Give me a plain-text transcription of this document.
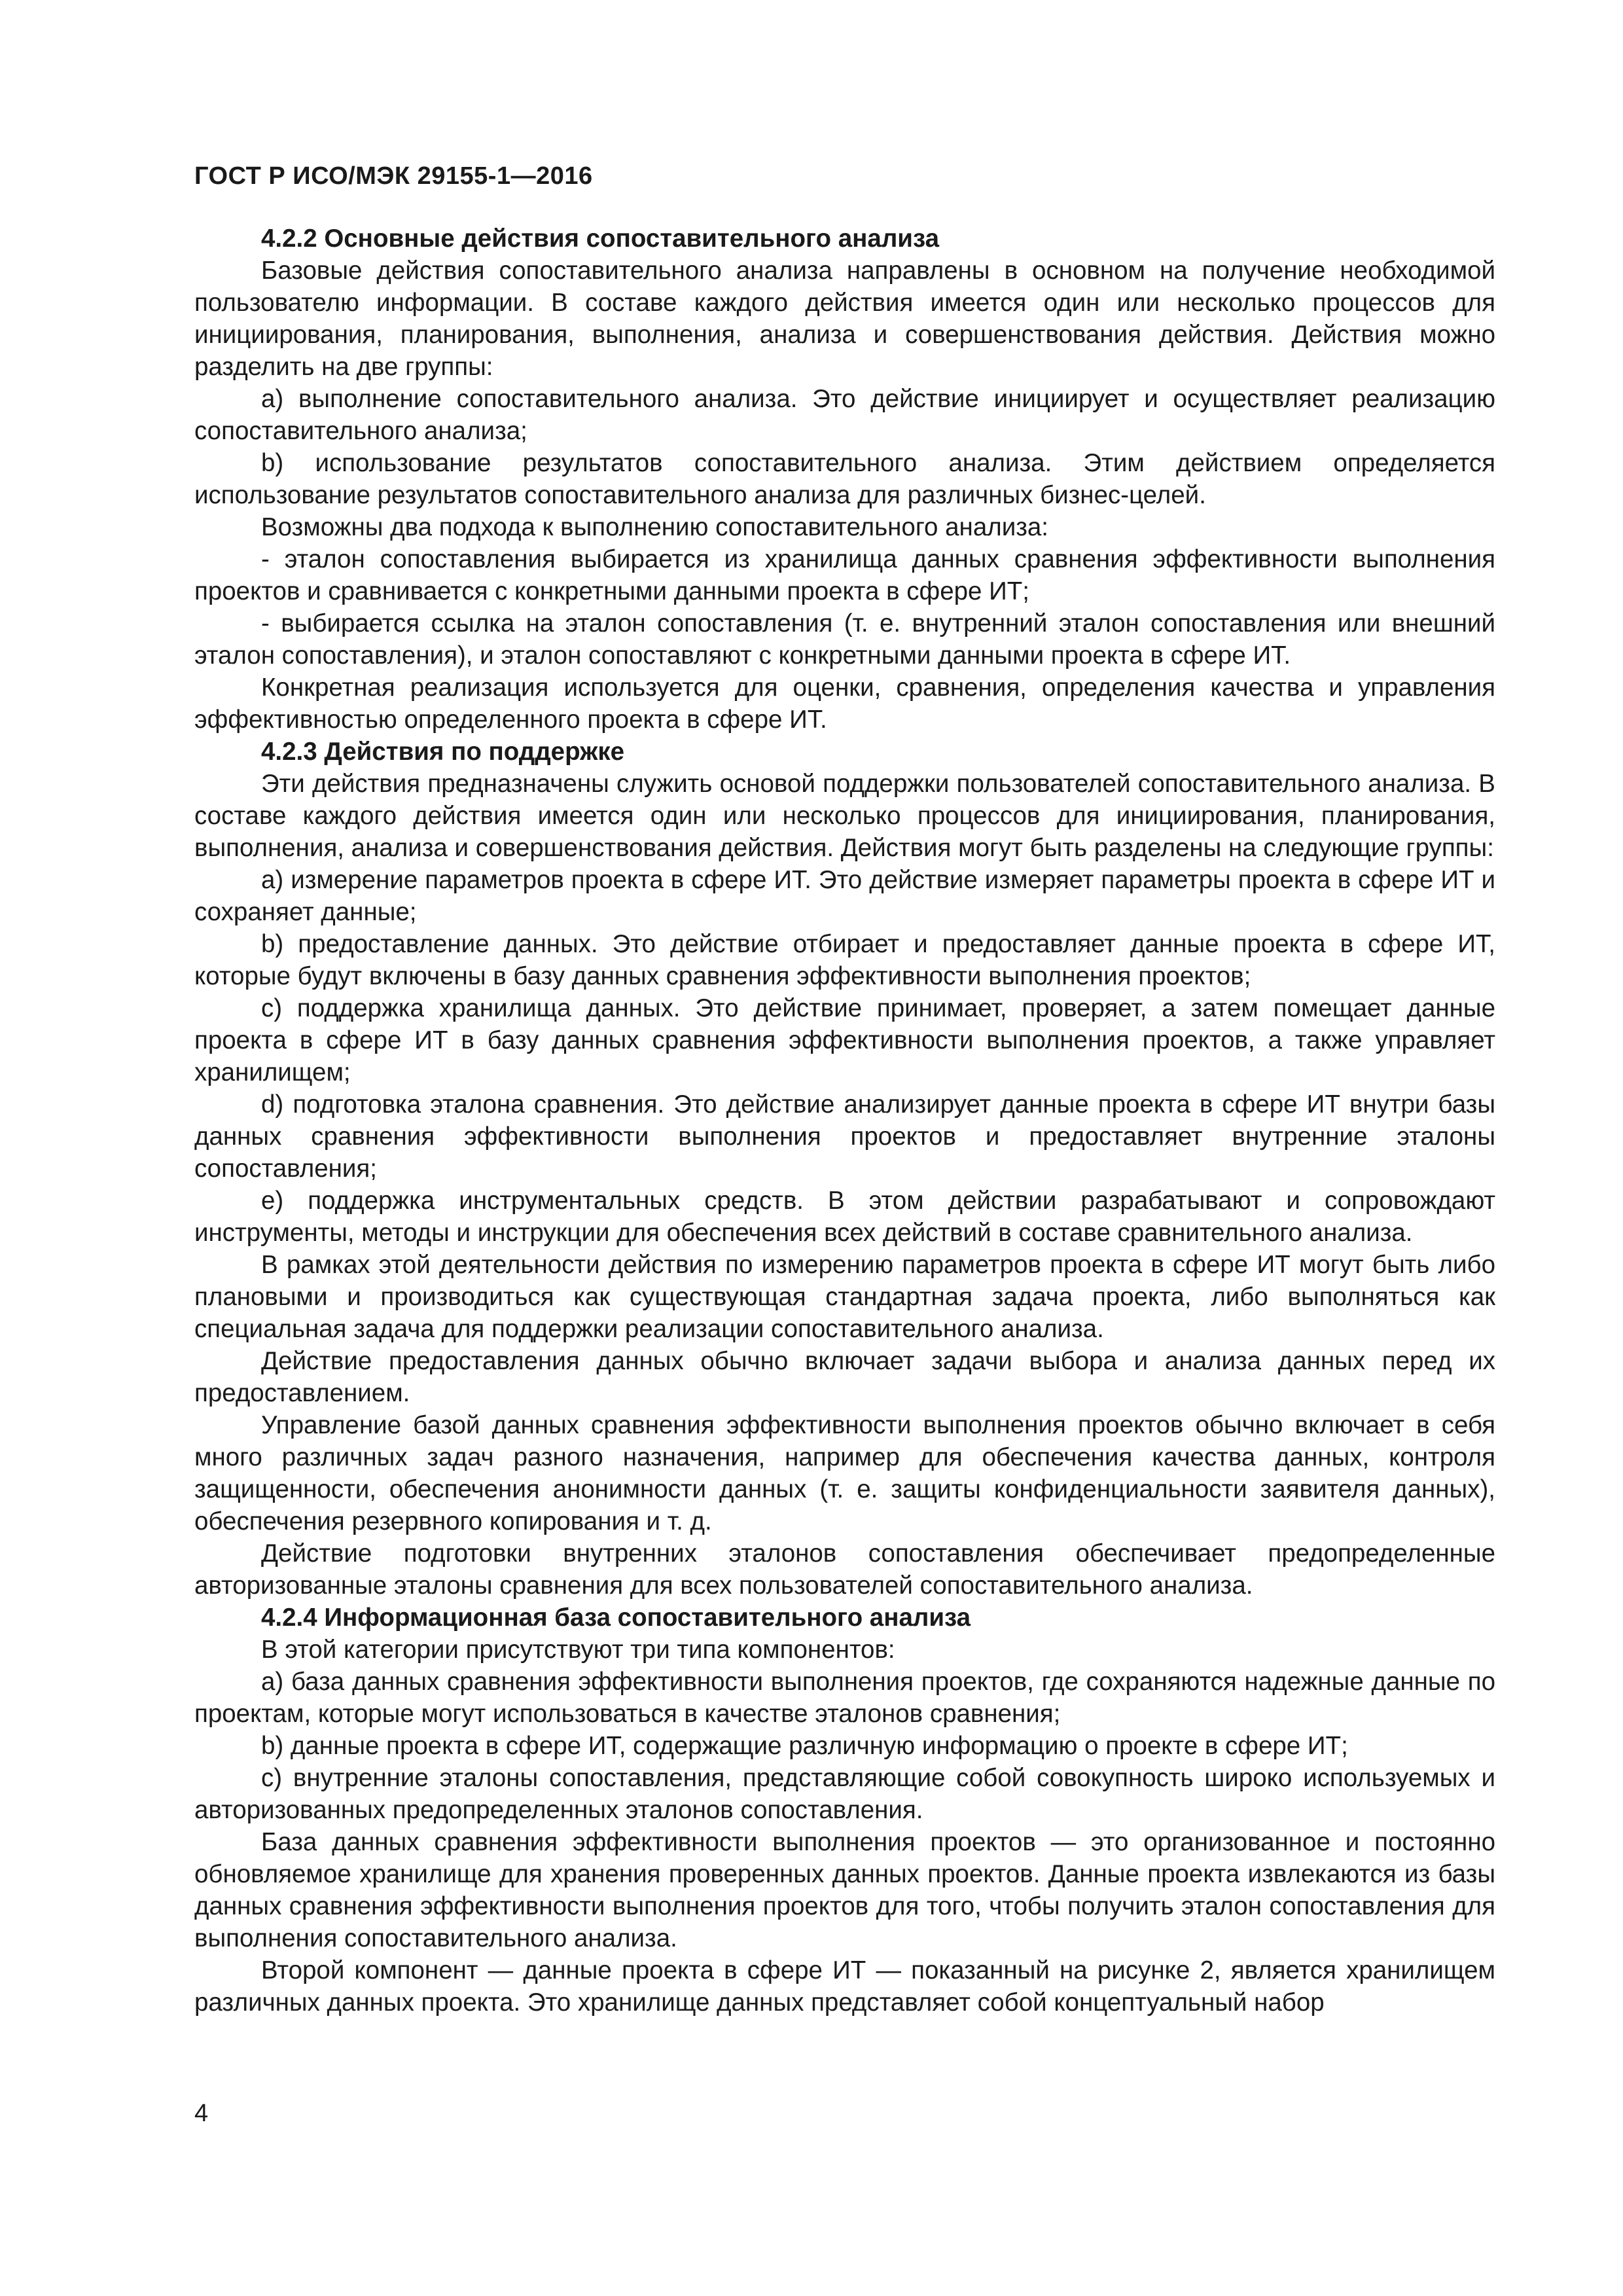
ГОСТ Р ИСО/МЭК 29155-1—2016

4.2.2 Основные действия сопоставительного анализа

Базовые действия сопоставительного анализа направлены в основном на получение необходимой пользователю информации. В составе каждого действия имеется один или несколько процессов для инициирования, планирования, выполнения, анализа и совершенствования действия. Действия можно разделить на две группы:

а) выполнение сопоставительного анализа. Это действие инициирует и осуществляет реализацию сопоставительного анализа;

b) использование результатов сопоставительного анализа. Этим действием определяется использование результатов сопоставительного анализа для различных бизнес-целей.

Возможны два подхода к выполнению сопоставительного анализа:

- эталон сопоставления выбирается из хранилища данных сравнения эффективности выполнения проектов и сравнивается с конкретными данными проекта в сфере ИТ;

- выбирается ссылка на эталон сопоставления (т. е. внутренний эталон сопоставления или внешний эталон сопоставления), и эталон сопоставляют с конкретными данными проекта в сфере ИТ.

Конкретная реализация используется для оценки, сравнения, определения качества и управления эффективностью определенного проекта в сфере ИТ.

4.2.3 Действия по поддержке

Эти действия предназначены служить основой поддержки пользователей сопоставительного анализа. В составе каждого действия имеется один или несколько процессов для инициирования, планирования, выполнения, анализа и совершенствования действия. Действия могут быть разделены на следующие группы:

а) измерение параметров проекта в сфере ИТ. Это действие измеряет параметры проекта в сфере ИТ и сохраняет данные;

b) предоставление данных. Это действие отбирает и предоставляет данные проекта в сфере ИТ, которые будут включены в базу данных сравнения эффективности выполнения проектов;

с) поддержка хранилища данных. Это действие принимает, проверяет, а затем помещает данные проекта в сфере ИТ в базу данных сравнения эффективности выполнения проектов, а также управляет хранилищем;

d) подготовка эталона сравнения. Это действие анализирует данные проекта в сфере ИТ внутри базы данных сравнения эффективности выполнения проектов и предоставляет внутренние эталоны сопоставления;

е) поддержка инструментальных средств. В этом действии разрабатывают и сопровождают инструменты, методы и инструкции для обеспечения всех действий в составе сравнительного анализа.

В рамках этой деятельности действия по измерению параметров проекта в сфере ИТ могут быть либо плановыми и производиться как существующая стандартная задача проекта, либо выполняться как специальная задача для поддержки реализации сопоставительного анализа.

Действие предоставления данных обычно включает задачи выбора и анализа данных перед их предоставлением.

Управление базой данных сравнения эффективности выполнения проектов обычно включает в себя много различных задач разного назначения, например для обеспечения качества данных, контроля защищенности, обеспечения анонимности данных (т. е. защиты конфиденциальности заявителя данных), обеспечения резервного копирования и т. д.

Действие подготовки внутренних эталонов сопоставления обеспечивает предопределенные авторизованные эталоны сравнения для всех пользователей сопоставительного анализа.

4.2.4 Информационная база сопоставительного анализа

В этой категории присутствуют три типа компонентов:

а) база данных сравнения эффективности выполнения проектов, где сохраняются надежные данные по проектам, которые могут использоваться в качестве эталонов сравнения;

b) данные проекта в сфере ИТ, содержащие различную информацию о проекте в сфере ИТ;

с) внутренние эталоны сопоставления, представляющие собой совокупность широко используемых и авторизованных предопределенных эталонов сопоставления.

База данных сравнения эффективности выполнения проектов — это организованное и постоянно обновляемое хранилище для хранения проверенных данных проектов. Данные проекта извлекаются из базы данных сравнения эффективности выполнения проектов для того, чтобы получить эталон сопоставления для выполнения сопоставительного анализа.

Второй компонент — данные проекта в сфере ИТ — показанный на рисунке 2, является хранилищем различных данных проекта. Это хранилище данных представляет собой концептуальный набор

4
